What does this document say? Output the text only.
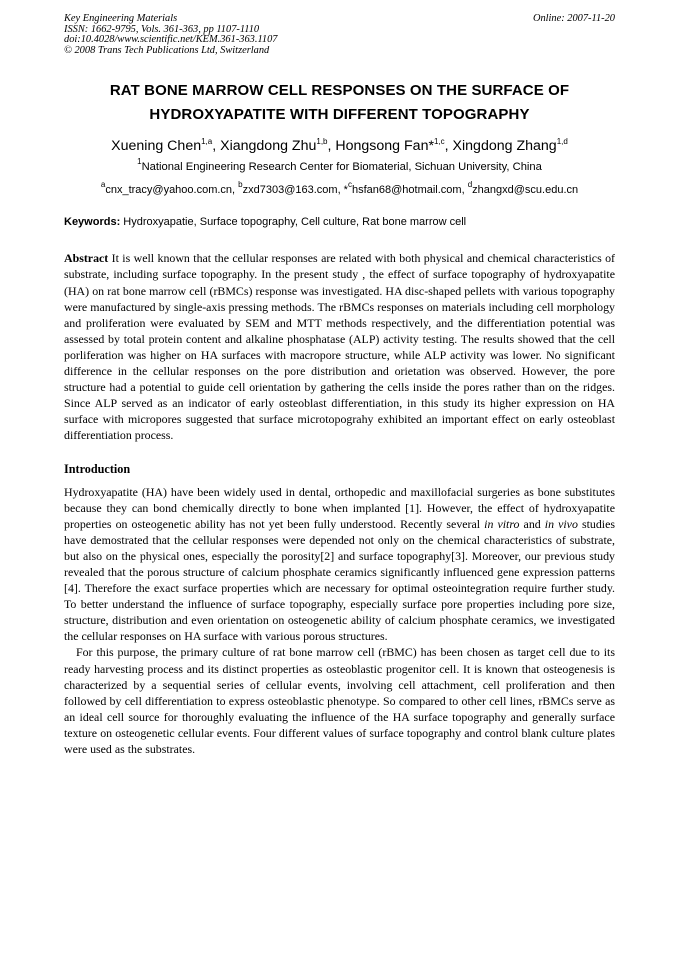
Key Engineering Materials	Online: 2007-11-20
ISSN: 1662-9795, Vols. 361-363, pp 1107-1110
doi:10.4028/www.scientific.net/KEM.361-363.1107
© 2008 Trans Tech Publications Ltd, Switzerland
RAT BONE MARROW CELL RESPONSES ON THE SURFACE OF
HYDROXYAPATITE WITH DIFFERENT TOPOGRAPHY
Xuening Chen$^{1,a}$, Xiangdong Zhu$^{1,b}$, Hongsong Fan*$^{1,c}$, Xingdong Zhang$^{1,d}$
$^1$National Engineering Research Center for Biomaterial, Sichuan University, China
$^a$cnx_tracy@yahoo.com.cn, $^b$zxd7303@163.com, *$^c$hsfan68@hotmail.com, $^d$zhangxd@scu.edu.cn
Keywords: Hydroxyapatie, Surface topography, Cell culture, Rat bone marrow cell
Abstract It is well known that the cellular responses are related with both physical and chemical characteristics of substrate, including surface topography. In the present study , the effect of surface topography of hydroxyapatite (HA) on rat bone marrow cell (rBMCs) response was investigated. HA disc-shaped pellets with various topography were manufactured by single-axis pressing methods. The rBMCs responses on materials including cell morphology and proliferation were evaluated by SEM and MTT methods respectively, and the differentiation potential was assessed by total protein content and alkaline phosphatase (ALP) activity testing. The results showed that the cell porliferation was higher on HA surfaces with macropore structure, while ALP activity was lower. No significant difference in the cellular responses on the pore distribution and orietation was observed. However, the pore structure had a potential to guide cell orientation by gathering the cells inside the pores rather than on the ridges. Since ALP served as an indicator of early osteoblast differentiation, in this study its higher expression on HA surface with micropores suggested that surface microtopograhy exhibited an important effect on early osteoblast differentiation process.
Introduction
Hydroxyapatite (HA) have been widely used in dental, orthopedic and maxillofacial surgeries as bone substitutes because they can bond chemically directly to bone when implanted [1]. However, the effect of hydroxyapatite properties on osteogenetic ability has not yet been fully understood. Recently several in vitro and in vivo studies have demostrated that the cellular responses were depended not only on the chemical characteristics of substrate, but also on the physical ones, especially the porosity[2] and surface topography[3]. Moreover, our previous study revealed that the porous structure of calcium phosphate ceramics significantly influenced gene expression patterns [4]. Therefore the exact surface properties which are necessary for optimal osteointegration require further study. To better understand the influence of surface topography, especially surface pore properties including pore size, structure, distribution and even orientation on osteogenetic ability of calcium phosphate ceramics, we investigated the cellular responses on HA surface with various porous structures.
For this purpose, the primary culture of rat bone marrow cell (rBMC) has been chosen as target cell due to its ready harvesting process and its distinct properties as osteoblastic progenitor cell. It is known that osteogenesis is characterized by a sequential series of cellular events, involving cell attachment, cell proliferation and then followed by cell differentiation to express osteoblastic phenotype. So compared to other cell lines, rBMCs serve as an ideal cell source for thoroughly evaluating the influence of the HA surface topography and generally surface texture on osteogenetic cellular events. Four different values of surface topography and control blank culture plates were used as the substrates.
